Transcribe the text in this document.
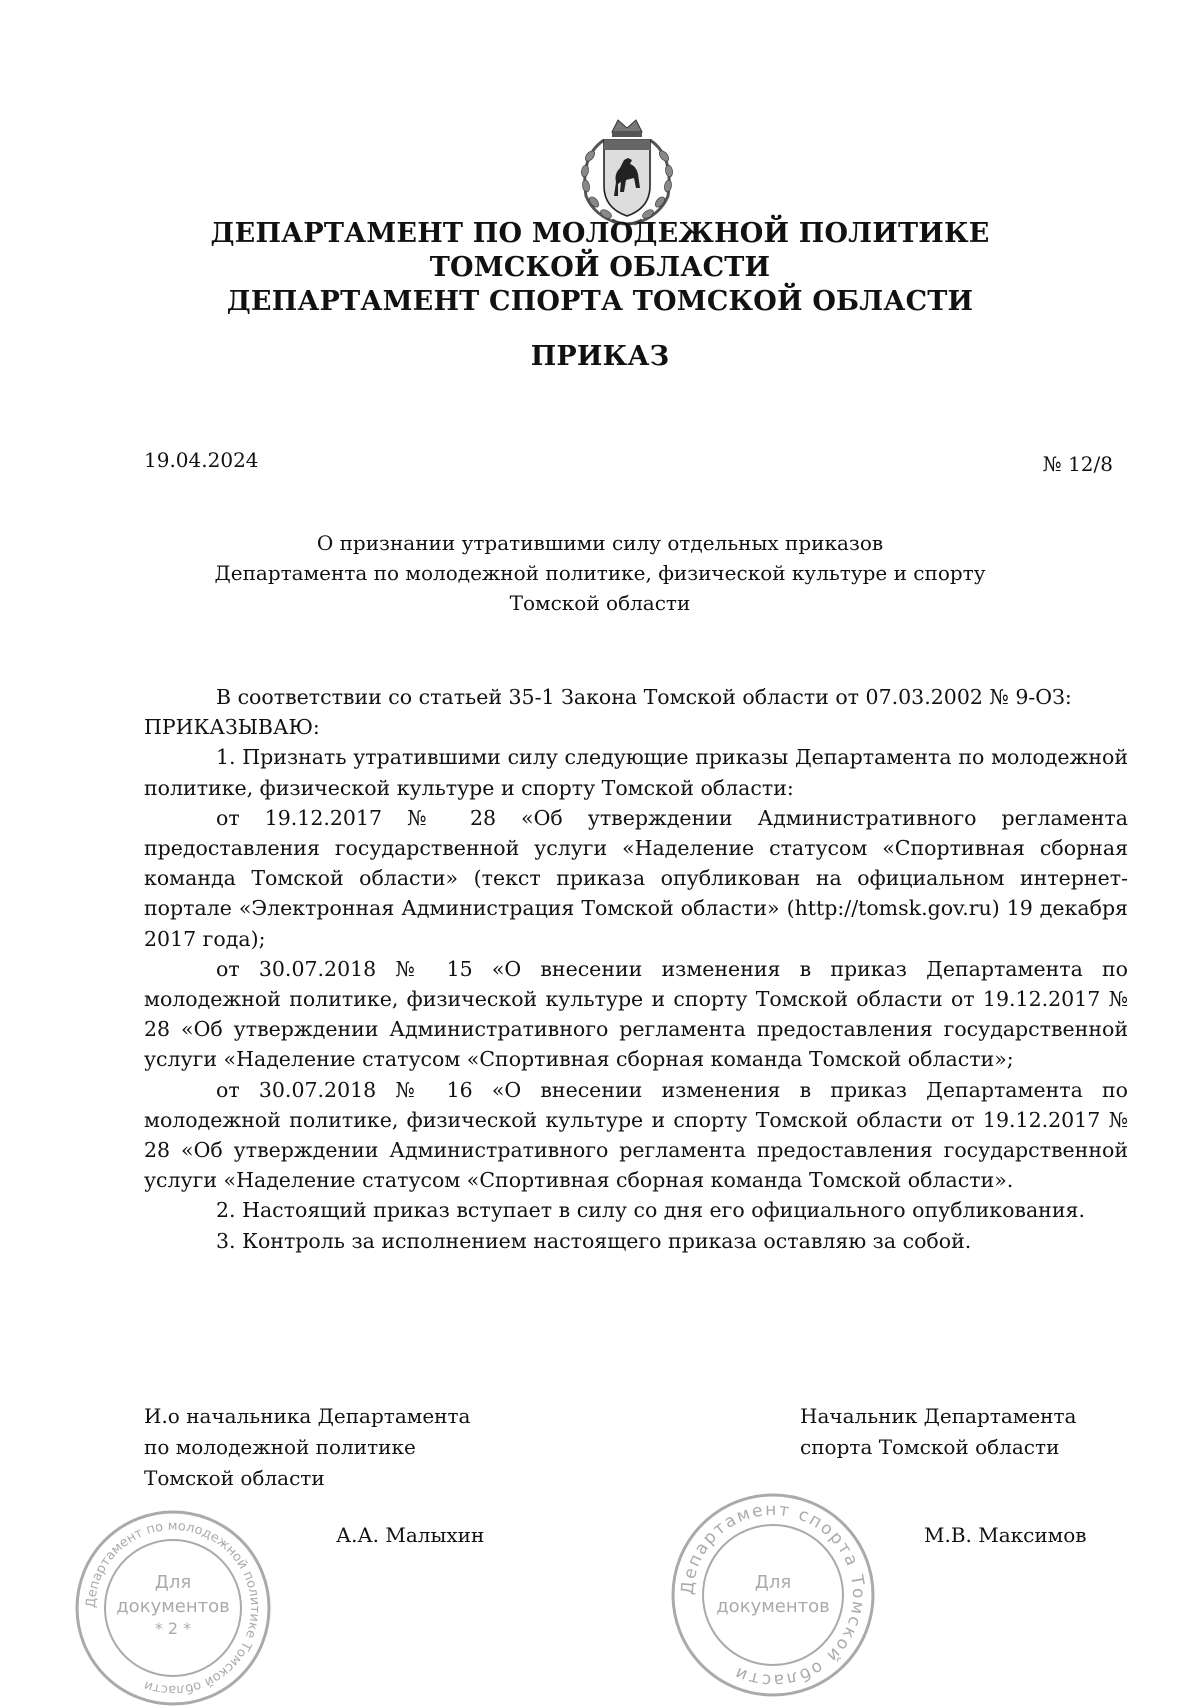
ДЕПАРТАМЕНТ ПО МОЛОДЕЖНОЙ ПОЛИТИКЕ
ТОМСКОЙ ОБЛАСТИ
ДЕПАРТАМЕНТ СПОРТА ТОМСКОЙ ОБЛАСТИ
ПРИКАЗ
19.04.2024	№ 12/8
О признании утратившими силу отдельных приказов
Департамента по молодежной политике, физической культуре и спорту
Томской области

В соответствии со статьей 35-1 Закона Томской области от 07.03.2002 № 9-ОЗ:

ПРИКАЗЫВАЮ:

1. Признать утратившими силу следующие приказы Департамента по молодежной политике, физической культуре и спорту Томской области:

от 19.12.2017 № 28 «Об утверждении Административного регламента предоставления государственной услуги «Наделение статусом «Спортивная сборная команда Томской области» (текст приказа опубликован на официальном интернет-портале «Электронная Администрация Томской области» (http://tomsk.gov.ru) 19 декабря 2017 года);

от 30.07.2018 № 15 «О внесении изменения в приказ Департамента по молодежной политике, физической культуре и спорту Томской области от 19.12.2017 № 28 «Об утверждении Административного регламента предоставления государственной услуги «Наделение статусом «Спортивная сборная команда Томской области»;

от 30.07.2018 № 16 «О внесении изменения в приказ Департамента по молодежной политике, физической культуре и спорту Томской области от 19.12.2017 № 28 «Об утверждении Административного регламента предоставления государственной услуги «Наделение статусом «Спортивная сборная команда Томской области».

2. Настоящий приказ вступает в силу со дня его официального опубликования.

3. Контроль за исполнением настоящего приказа оставляю за собой.

Департамент по молодежной политике Томской области
Для
документов
* 2 *
Департамент спорта Томской области
Для
документов
И.о начальника Департамента
по молодежной политике
Томской области
Начальник Департамента
спорта Томской области
А.А. Малыхин	М.В. Максимов
